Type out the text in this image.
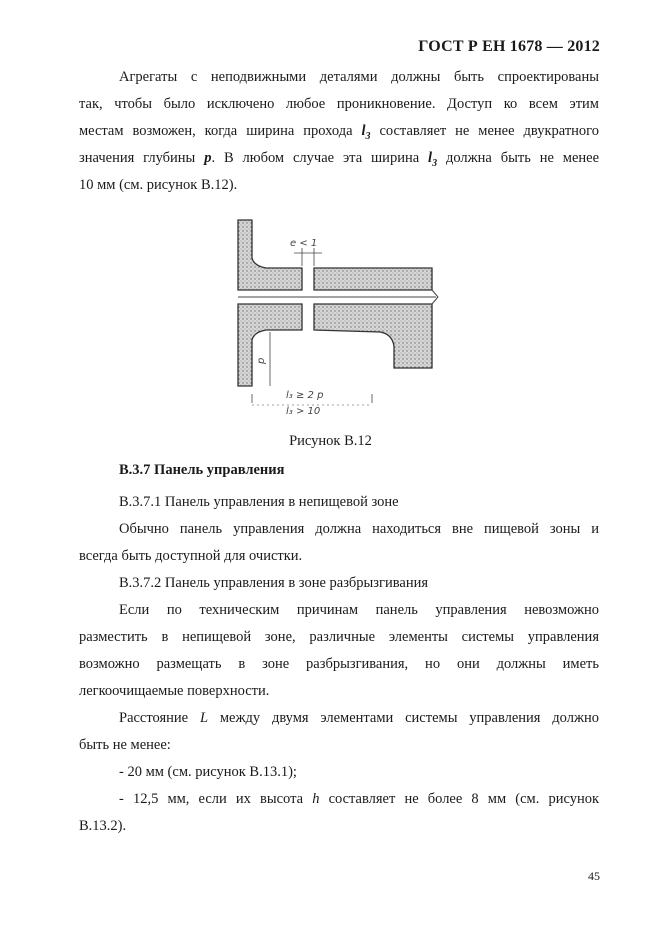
ГОСТ Р ЕН 1678 — 2012
Агрегаты с неподвижными деталями должны быть спроектированы
так, чтобы было исключено любое проникновение. Доступ ко всем этим
местам возможен, когда ширина прохода $l_3$ составляет не менее двукратного
значения глубины p. В любом случае эта ширина $l_3$ должна быть не менее
10 мм (см. рисунок В.12).
e < 1
p
l₃ ≥ 2 p
l₃ > 10
Рисунок В.12
В.3.7 Панель управления
В.3.7.1 Панель управления в непищевой зоне
Обычно панель управления должна находиться вне пищевой зоны и
всегда быть доступной для очистки.
В.3.7.2 Панель управления в зоне разбрызгивания
Если по техническим причинам панель управления невозможно
разместить в непищевой зоне, различные элементы системы управления
возможно размещать в зоне разбрызгивания, но они должны иметь
легкоочищаемые поверхности.
Расстояние L между двумя элементами системы управления должно
быть не менее:
- 20 мм (см. рисунок В.13.1);
- 12,5 мм, если их высота h составляет не более 8 мм (см. рисунок
В.13.2).
45
